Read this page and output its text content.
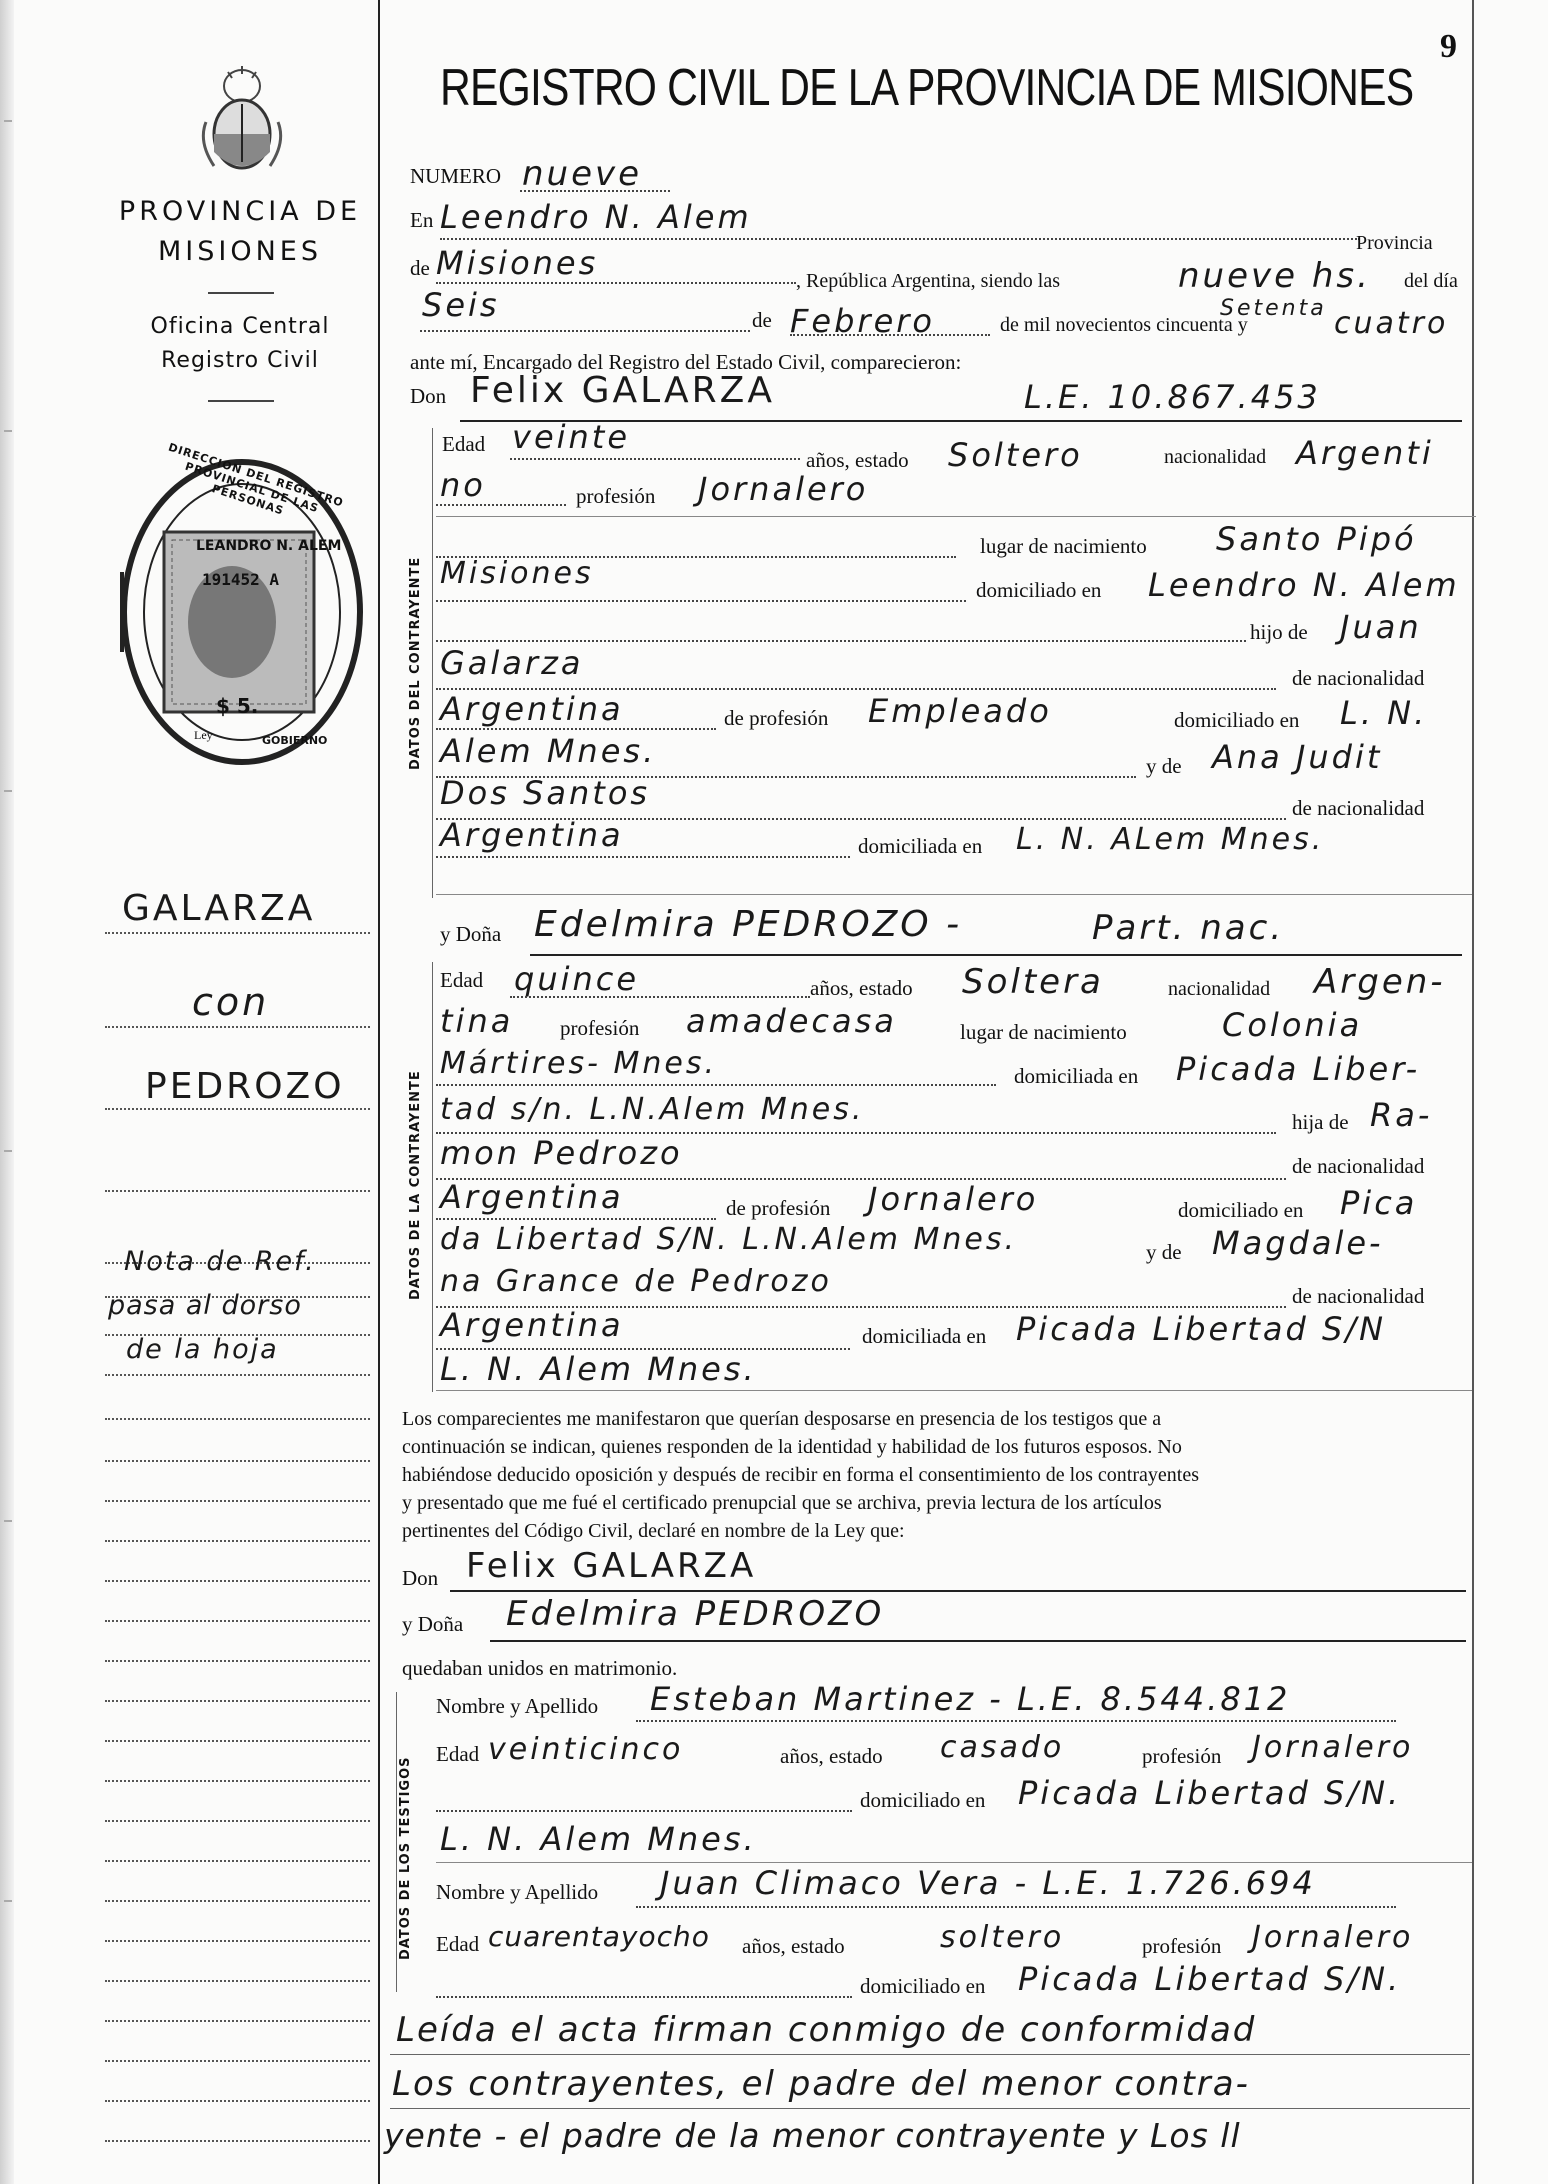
9
PROVINCIA DE
MISIONES
Oficina Central
Registro Civil
LEANDRO N. ALEM
191452 A
$ 5.
Ley	GOBIERNO
DIRECCION DEL REGISTRO PROVINCIAL DE LAS PERSONAS
GALARZA
con
PEDROZO
Nota de Ref.
pasa al dorso
de la hoja
REGISTRO CIVIL DE LA PROVINCIA DE MISIONES
NUMERO nueve
En Leendro N. Alem
Provincia
de Misiones	, República Argentina, siendo las	nueve hs. del día
Seis	de Febrero	de mil novecientos cincuenta y
Setenta cuatro
ante mí, Encargado del Registro del Estado Civil, comparecieron:
Don Felix GALARZA	L.E. 10.867.453
DATOS DEL CONTRAYENTE
Edad veinte
años, estado Soltero	nacionalidad Argenti
no	profesión Jornalero
lugar de nacimiento Santo Pipó
Misiones	domiciliado en Leendro N. Alem
hijo de Juan
Galarza	de nacionalidad
Argentina	de profesión Empleado	domiciliado en L. N.
Alem Mnes.	y de Ana Judit
Dos Santos	de nacionalidad
Argentina	domiciliada en L. N. ALem Mnes.
y Doña Edelmira PEDROZO -	Part. nac.
DATOS DE LA CONTRAYENTE
Edad quince	años, estado Soltera	nacionalidad Argen-
tina profesión amadecasa	lugar de nacimiento	Colonia
Mártires- Mnes.	domiciliada en Picada Liber-
tad s/n. L.N.Alem Mnes.	hija de Ra-
mon Pedrozo	de nacionalidad
Argentina	de profesión Jornalero	domiciliado en Pica
da Libertad S/N. L.N.Alem Mnes.	y de Magdale-
na Grance de Pedrozo	de nacionalidad
Argentina	domiciliada en Picada Libertad S/N
L. N. Alem Mnes.
Los comparecientes me manifestaron que querían desposarse en presencia de los testigos que a
continuación se indican, quienes responden de la identidad y habilidad de los futuros esposos. No
habiéndose deducido oposición y después de recibir en forma el consentimiento de los contrayentes
y presentado que me fué el certificado prenupcial que se archiva, previa lectura de los artículos
pertinentes del Código Civil, declaré en nombre de la Ley que:
Don Felix GALARZA
y Doña Edelmira PEDROZO
quedaban unidos en matrimonio.
DATOS DE LOS TESTIGOS
Nombre y Apellido Esteban Martinez - L.E. 8.544.812
Edad veinticinco	años, estado casado	profesión Jornalero
domiciliado en Picada Libertad S/N.
L. N. Alem Mnes.
Nombre y Apellido Juan Climaco Vera - L.E. 1.726.694
Edad cuarentayocho años, estado	soltero	profesión Jornalero
domiciliado en Picada Libertad S/N.
Leída el acta firman conmigo de conformidad
Los contrayentes, el padre del menor contra-
yente - el padre de la menor contrayente y Los ll
